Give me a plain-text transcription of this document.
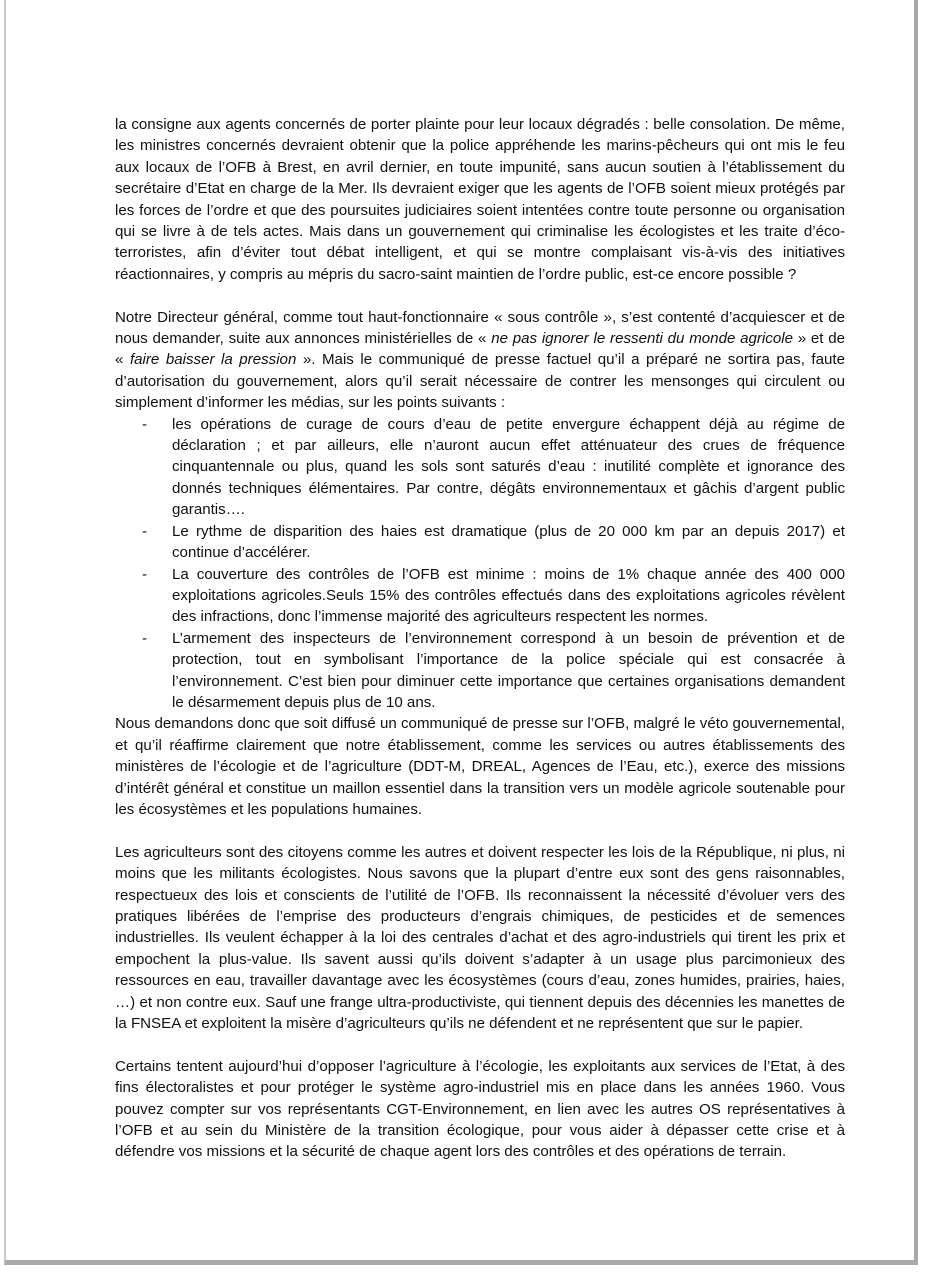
la consigne aux agents concernés de porter plainte pour leur locaux dégradés : belle consolation. De même, les ministres concernés devraient obtenir que la police appréhende les marins-pêcheurs qui ont mis le feu aux locaux de l’OFB à Brest, en avril dernier, en toute impunité, sans aucun soutien à l’établissement du secrétaire d’Etat en charge de la Mer. Ils devraient exiger que les agents de l’OFB soient mieux protégés par les forces de l’ordre et que des poursuites judiciaires soient intentées contre toute personne ou organisation qui se livre à de tels actes. Mais dans un gouvernement qui criminalise les écologistes et les traite d’éco-terroristes, afin d’éviter tout débat intelligent, et qui se montre complaisant vis-à-vis des initiatives réactionnaires, y compris au mépris du sacro-saint maintien de l’ordre public, est-ce encore possible ?

Notre Directeur général, comme tout haut-fonctionnaire « sous contrôle », s’est contenté d’acquiescer et de nous demander, suite aux annonces ministérielles de « ne pas ignorer le ressenti du monde agricole » et de « faire baisser la pression ». Mais le communiqué de presse factuel qu’il a préparé ne sortira pas, faute d’autorisation du gouvernement, alors qu’il serait nécessaire de contrer les mensonges qui circulent ou simplement d’informer les médias, sur les points suivants :

- les opérations de curage de cours d’eau de petite envergure échappent déjà au régime de déclaration ; et par ailleurs, elle n’auront aucun effet atténuateur des crues de fréquence cinquantennale ou plus, quand les sols sont saturés d’eau : inutilité complète et ignorance des donnés techniques élémentaires. Par contre, dégâts environnementaux et gâchis d’argent public garantis….
- Le rythme de disparition des haies est dramatique (plus de 20 000 km par an depuis 2017) et continue d’accélérer.
- La couverture des contrôles de l’OFB est minime : moins de 1% chaque année des 400 000 exploitations agricoles.Seuls 15% des contrôles effectués dans des exploitations agricoles révèlent des infractions, donc l’immense majorité des agriculteurs respectent les normes.
- L’armement des inspecteurs de l’environnement correspond à un besoin de prévention et de protection, tout en symbolisant l’importance de la police spéciale qui est consacrée à l’environnement. C’est bien pour diminuer cette importance que certaines organisations demandent le désarmement depuis plus de 10 ans.

Nous demandons donc que soit diffusé un communiqué de presse sur l’OFB, malgré le véto gouvernemental, et qu’il réaffirme clairement que notre établissement, comme les services ou autres établissements des ministères de l’écologie et de l’agriculture (DDT-M, DREAL, Agences de l’Eau, etc.), exerce des missions d’intérêt général et constitue un maillon essentiel dans la transition vers un modèle agricole soutenable pour les écosystèmes et les populations humaines.

Les agriculteurs sont des citoyens comme les autres et doivent respecter les lois de la République, ni plus, ni moins que les militants écologistes. Nous savons que la plupart d’entre eux sont des gens raisonnables, respectueux des lois et conscients de l’utilité de l’OFB. Ils reconnaissent la nécessité d’évoluer vers des pratiques libérées de l’emprise des producteurs d’engrais chimiques, de pesticides et de semences industrielles. Ils veulent échapper à la loi des centrales d’achat et des agro-industriels qui tirent les prix et empochent la plus-value. Ils savent aussi qu’ils doivent s’adapter à un usage plus parcimonieux des ressources en eau, travailler davantage avec les écosystèmes (cours d’eau, zones humides, prairies, haies, …) et non contre eux. Sauf une frange ultra-productiviste, qui tiennent depuis des décennies les manettes de la FNSEA et exploitent la misère d’agriculteurs qu’ils ne défendent et ne représentent que sur le papier.

Certains tentent aujourd’hui d’opposer l’agriculture à l’écologie, les exploitants aux services de l’Etat, à des fins électoralistes et pour protéger le système agro-industriel mis en place dans les années 1960. Vous pouvez compter sur vos représentants CGT-Environnement, en lien avec les autres OS représentatives à l’OFB et au sein du Ministère de la transition écologique, pour vous aider à dépasser cette crise et à défendre vos missions et la sécurité de chaque agent lors des contrôles et des opérations de terrain.
